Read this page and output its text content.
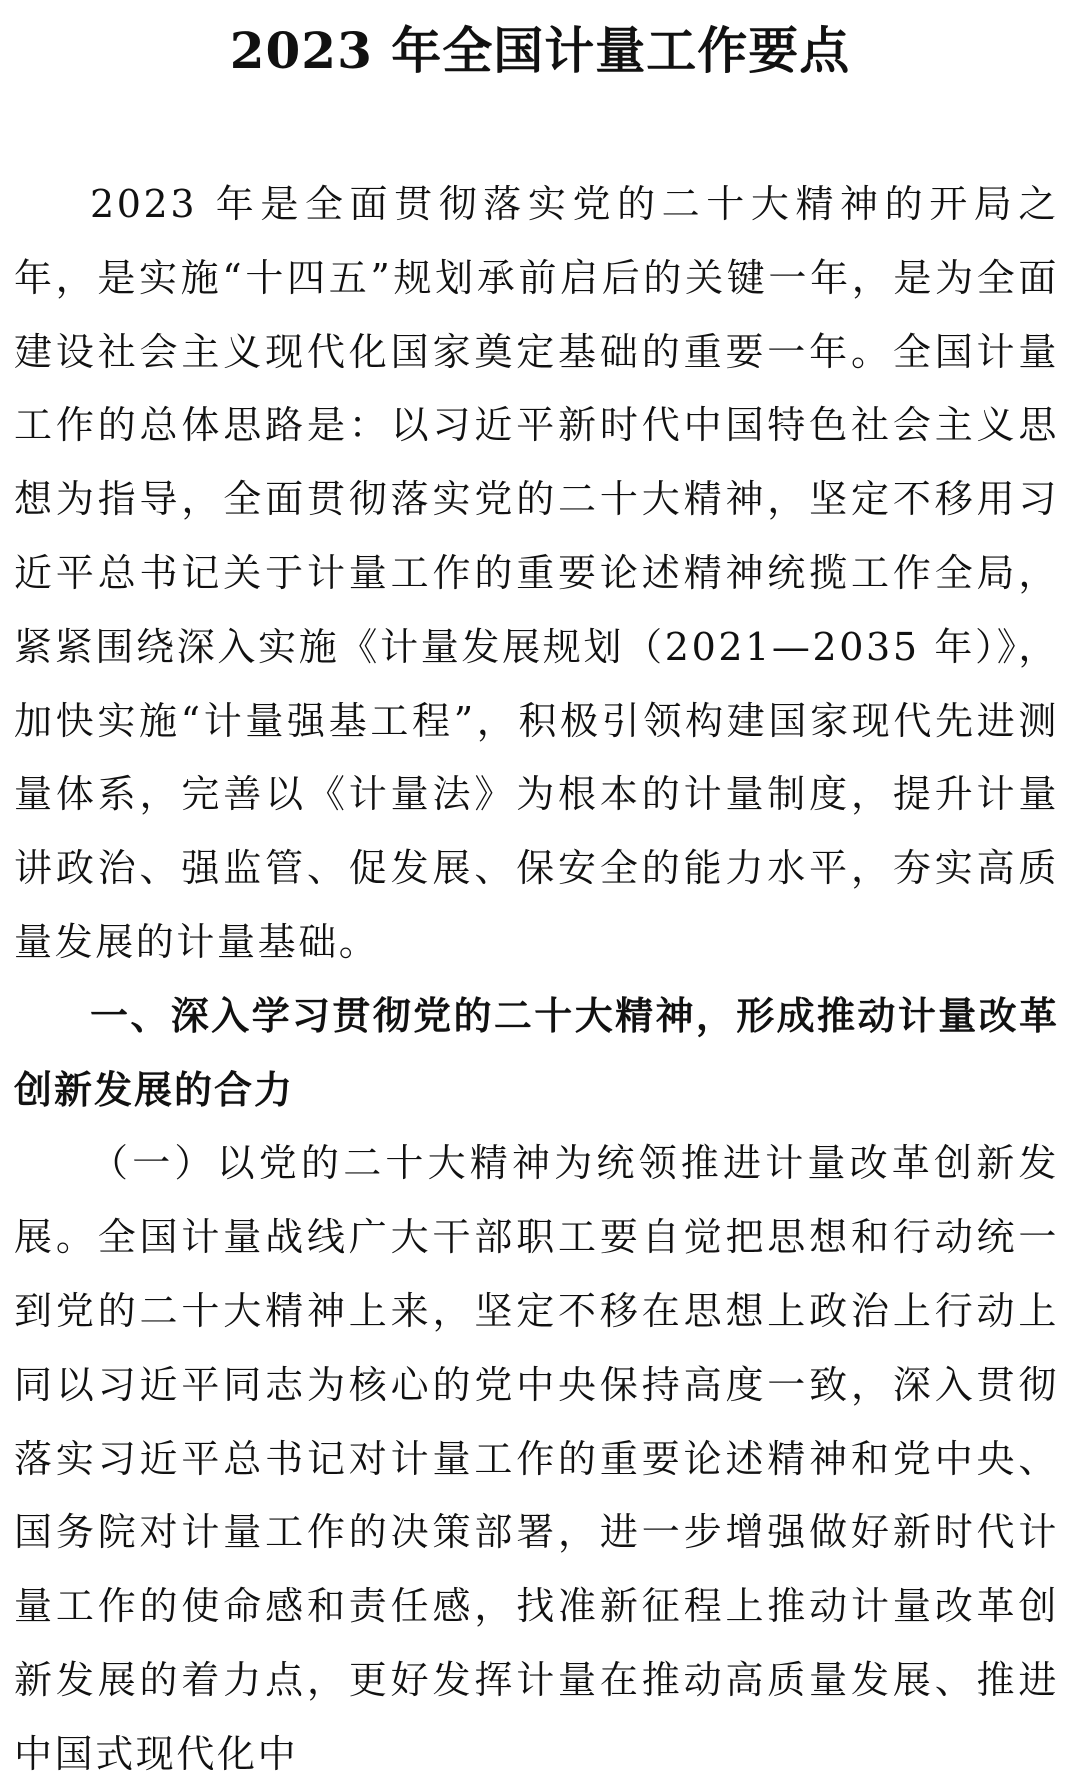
2023 年全国计量工作要点

2023 年是全面贯彻落实党的二十大精神的开局之年，是实施“十四五”规划承前启后的关键一年，是为全面建设社会主义现代化国家奠定基础的重要一年。全国计量工作的总体思路是：以习近平新时代中国特色社会主义思想为指导，全面贯彻落实党的二十大精神，坚定不移用习近平总书记关于计量工作的重要论述精神统揽工作全局，紧紧围绕深入实施《计量发展规划（2021—2035 年）》，加快实施“计量强基工程”，积极引领构建国家现代先进测量体系，完善以《计量法》为根本的计量制度，提升计量讲政治、强监管、促发展、保安全的能力水平，夯实高质量发展的计量基础。

一、深入学习贯彻党的二十大精神，形成推动计量改革创新发展的合力

（一）以党的二十大精神为统领推进计量改革创新发展。全国计量战线广大干部职工要自觉把思想和行动统一到党的二十大精神上来，坚定不移在思想上政治上行动上同以习近平同志为核心的党中央保持高度一致，深入贯彻落实习近平总书记对计量工作的重要论述精神和党中央、国务院对计量工作的决策部署，进一步增强做好新时代计量工作的使命感和责任感，找准新征程上推动计量改革创新发展的着力点，更好发挥计量在推动高质量发展、推进中国式现代化中
